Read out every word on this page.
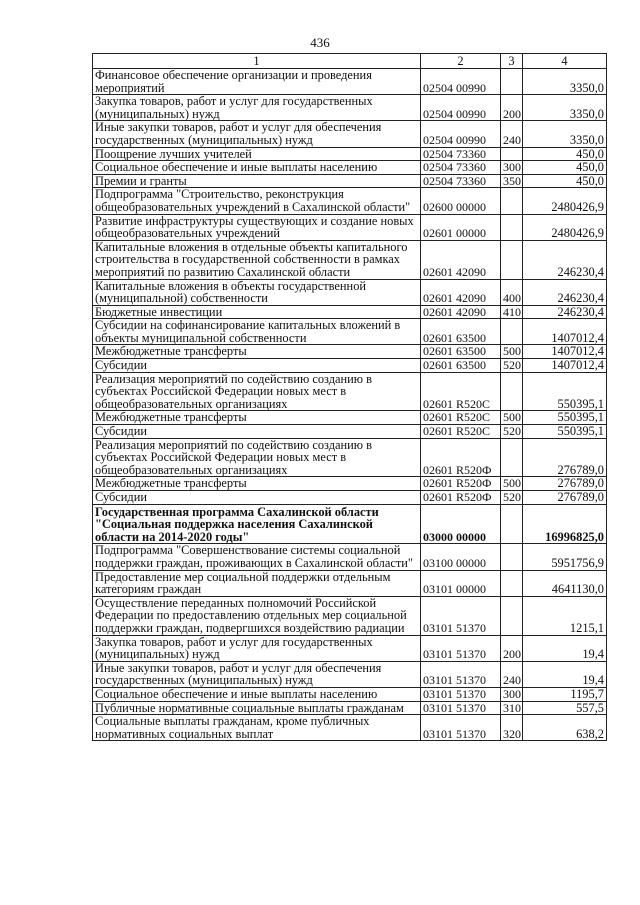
436
1	2	3	4
Финансовое обеспечение организации и проведения мероприятий	02504 00990		3350,0
Закупка товаров, работ и услуг для государственных (муниципальных) нужд	02504 00990	200	3350,0
Иные закупки товаров, работ и услуг для обеспечения государственных (муниципальных) нужд	02504 00990	240	3350,0
Поощрение лучших учителей	02504 73360		450,0
Социальное обеспечение и иные выплаты населению	02504 73360	300	450,0
Премии и гранты	02504 73360	350	450,0
Подпрограмма "Строительство, реконструкция общеобразовательных учреждений в Сахалинской области"	02600 00000		2480426,9
Развитие инфраструктуры существующих и создание новых общеобразовательных учреждений	02601 00000		2480426,9
Капитальные вложения в отдельные объекты капитального строительства в государственной собственности в рамках мероприятий по развитию Сахалинской области	02601 42090		246230,4
Капитальные вложения в объекты государственной (муниципальной) собственности	02601 42090	400	246230,4
Бюджетные инвестиции	02601 42090	410	246230,4
Субсидии на софинансирование капитальных вложений в объекты муниципальной собственности	02601 63500		1407012,4
Межбюджетные трансферты	02601 63500	500	1407012,4
Субсидии	02601 63500	520	1407012,4
Реализация мероприятий по содействию созданию в субъектах Российской Федерации новых мест в общеобразовательных организациях	02601 R520С		550395,1
Межбюджетные трансферты	02601 R520С	500	550395,1
Субсидии	02601 R520С	520	550395,1
Реализация мероприятий по содействию созданию в субъектах Российской Федерации новых мест в общеобразовательных организациях	02601 R520Ф		276789,0
Межбюджетные трансферты	02601 R520Ф	500	276789,0
Субсидии	02601 R520Ф	520	276789,0
Государственная программа Сахалинской области "Социальная поддержка населения Сахалинской области на 2014-2020 годы"	03000 00000		16996825,0
Подпрограмма "Совершенствование системы социальной поддержки граждан, проживающих в Сахалинской области"	03100 00000		5951756,9
Предоставление мер социальной поддержки отдельным категориям граждан	03101 00000		4641130,0
Осуществление переданных полномочий Российской Федерации по предоставлению отдельных мер социальной поддержки граждан, подвергшихся воздействию радиации	03101 51370		1215,1
Закупка товаров, работ и услуг для государственных (муниципальных) нужд	03101 51370	200	19,4
Иные закупки товаров, работ и услуг для обеспечения государственных (муниципальных) нужд	03101 51370	240	19,4
Социальное обеспечение и иные выплаты населению	03101 51370	300	1195,7
Публичные нормативные социальные выплаты гражданам	03101 51370	310	557,5
Социальные выплаты гражданам, кроме публичных нормативных социальных выплат	03101 51370	320	638,2
